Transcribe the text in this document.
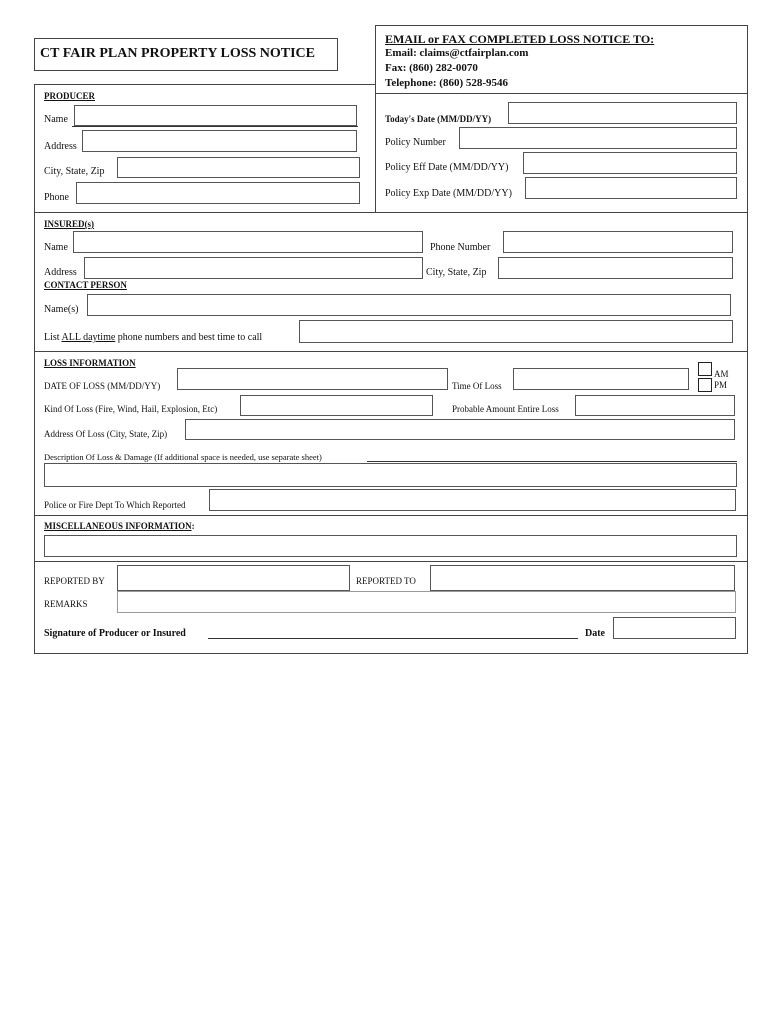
CT FAIR PLAN PROPERTY LOSS NOTICE
EMAIL or FAX COMPLETED LOSS NOTICE TO:
Email: claims@ctfairplan.com
Fax: (860) 282-0070
Telephone: (860) 528-9546
PRODUCER
Name
Address
City, State, Zip
Phone
Today's Date (MM/DD/YY)
Policy Number
Policy Eff Date (MM/DD/YY)
Policy Exp Date (MM/DD/YY)
INSURED(s)
Name	Phone Number
Address	City, State, Zip
CONTACT PERSON
Name(s)
List ALL daytime phone numbers and best time to call
LOSS INFORMATION
DATE OF LOSS (MM/DD/YY)	Time Of Loss
AM
PM
Kind Of Loss (Fire, Wind, Hail, Explosion, Etc)	Probable Amount Entire Loss
Address Of Loss (City, State, Zip)
Description Of Loss & Damage (If additional space is needed, use separate sheet)
Police or Fire Dept To Which Reported
MISCELLANEOUS INFORMATION:
REPORTED BY	REPORTED TO
REMARKS
Signature of Producer or Insured	Date
